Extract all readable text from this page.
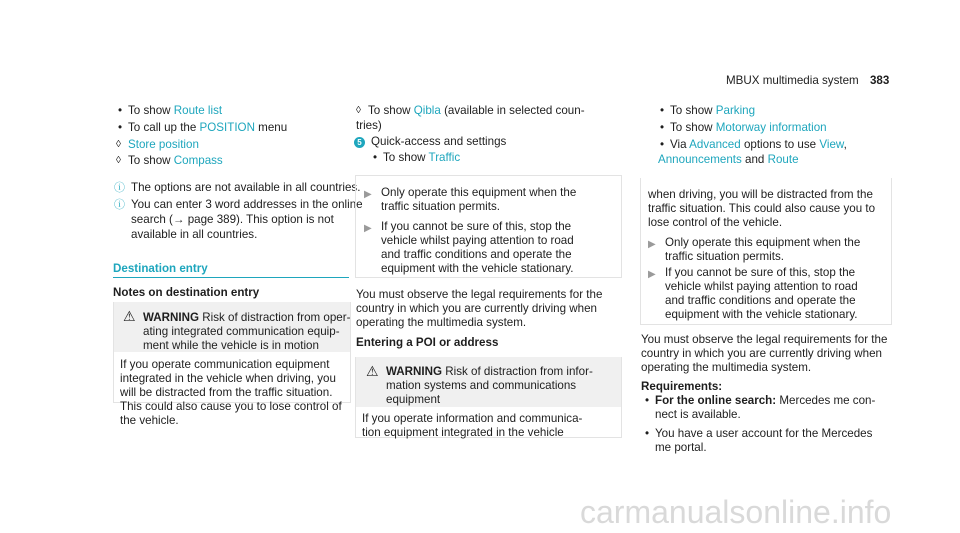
MBUX multimedia system 383
• To show Route list
• To call up the POSITION menu
◊ Store position
◊ To show Compass
ⓘ The options are not available in all countries.
ⓘ You can enter 3 word addresses in the online
search (→ page 389). This option is not
available in all countries.
Destination entry
Notes on destination entry
⚠ WARNING Risk of distraction from oper-
ating integrated communication equip-
ment while the vehicle is in motion
If you operate communication equipment
integrated in the vehicle when driving, you
will be distracted from the traffic situation.
This could also cause you to lose control of
the vehicle.
◊ To show Qibla (available in selected coun-
tries)
5 Quick-access and settings
• To show Traffic
▶ Only operate this equipment when the
traffic situation permits.
▶ If you cannot be sure of this, stop the
vehicle whilst paying attention to road
and traffic conditions and operate the
equipment with the vehicle stationary.
You must observe the legal requirements for the
country in which you are currently driving when
operating the multimedia system.
Entering a POI or address
⚠ WARNING Risk of distraction from infor-
mation systems and communications
equipment
If you operate information and communica-
tion equipment integrated in the vehicle
• To show Parking
• To show Motorway information
• Via Advanced options to use View,
Announcements and Route
when driving, you will be distracted from the
traffic situation. This could also cause you to
lose control of the vehicle.
▶ Only operate this equipment when the
traffic situation permits.
▶ If you cannot be sure of this, stop the
vehicle whilst paying attention to road
and traffic conditions and operate the
equipment with the vehicle stationary.
You must observe the legal requirements for the
country in which you are currently driving when
operating the multimedia system.
Requirements:
• For the online search: Mercedes me con-
nect is available.
• You have a user account for the Mercedes
me portal.
carmanualsonline.info
